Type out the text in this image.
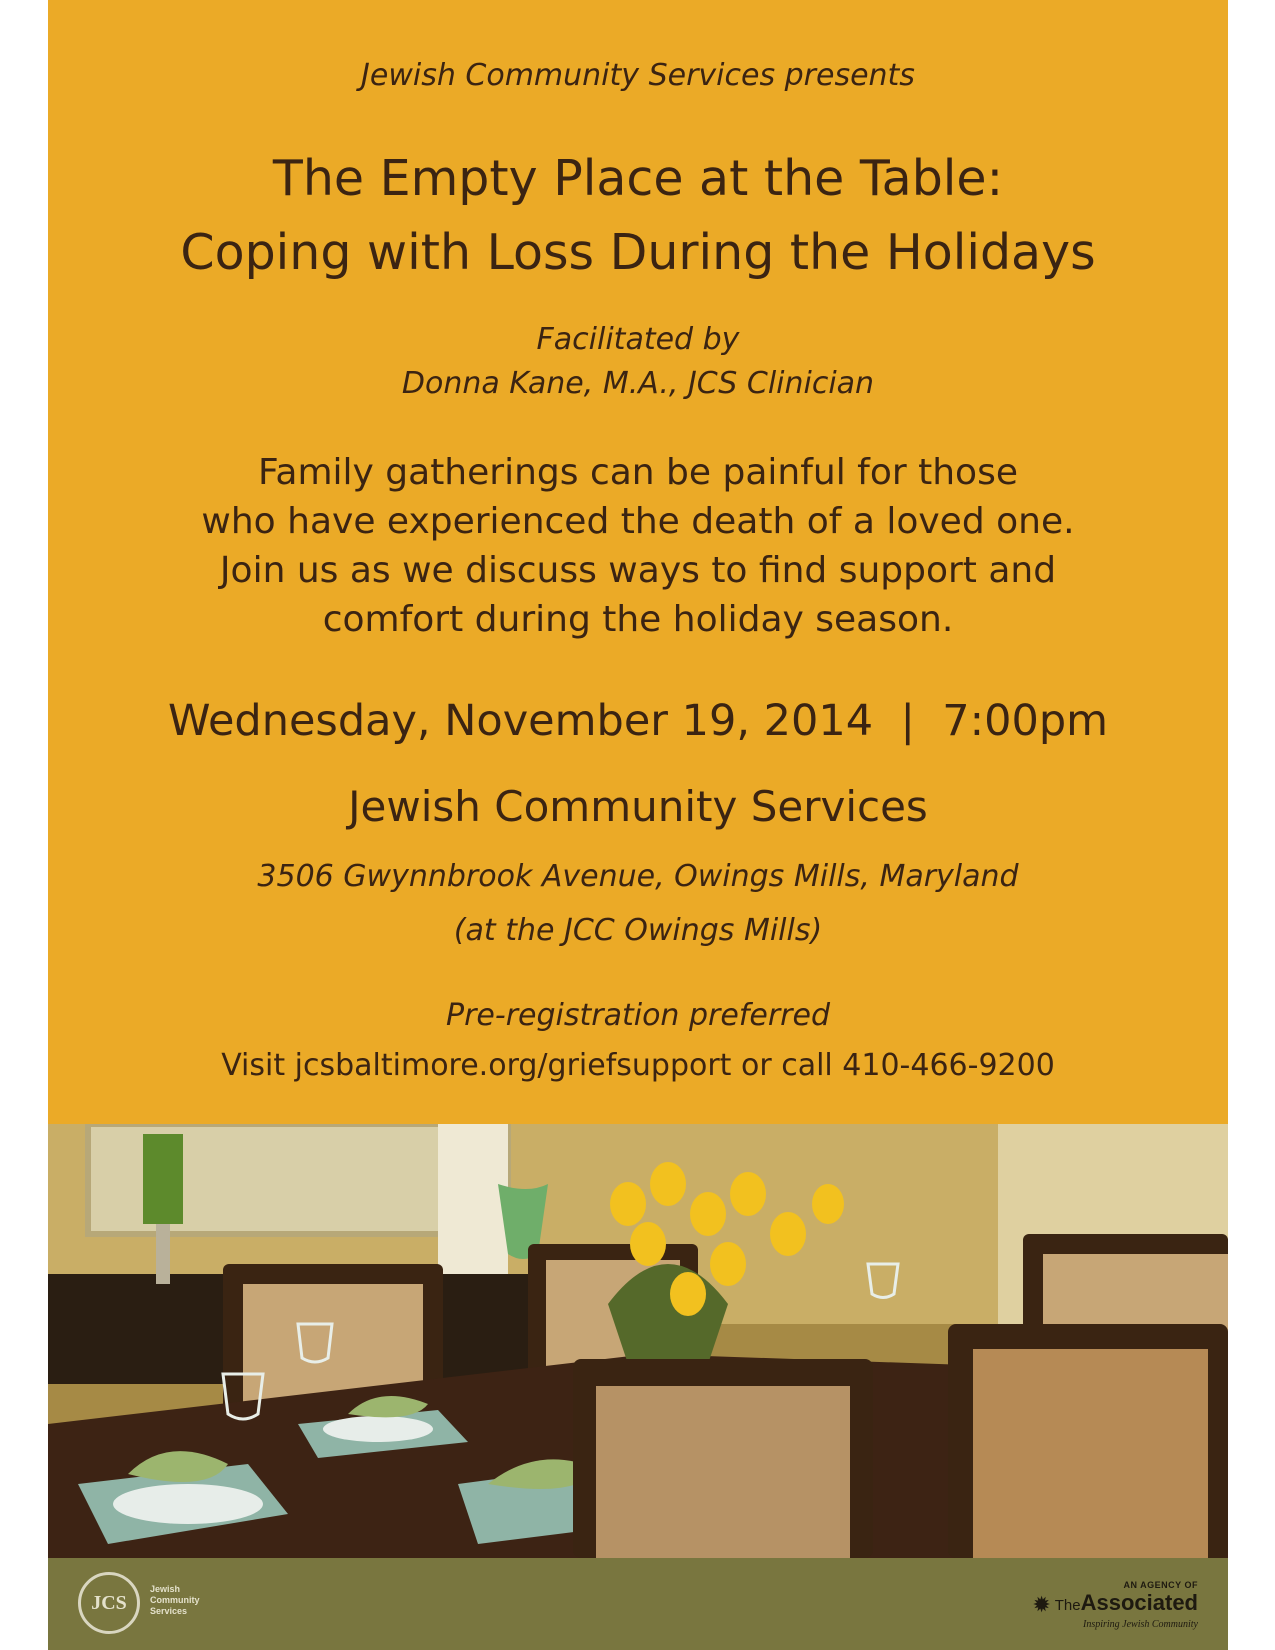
Jewish Community Services presents
The Empty Place at the Table:
Coping with Loss During the Holidays
Facilitated by
Donna Kane, M.A., JCS Clinician
Family gatherings can be painful for those
who have experienced the death of a loved one.
Join us as we discuss ways to find support and
comfort during the holiday season.
Wednesday, November 19, 2014  |  7:00pm
Jewish Community Services
3506 Gwynnbrook Avenue, Owings Mills, Maryland
(at the JCC Owings Mills)
Pre-registration preferred
Visit jcsbaltimore.org/griefsupport or call 410-466-9200
JCS
Jewish
Community
Services
AN AGENCY OF
✹ TheAssociated
Inspiring Jewish Community
